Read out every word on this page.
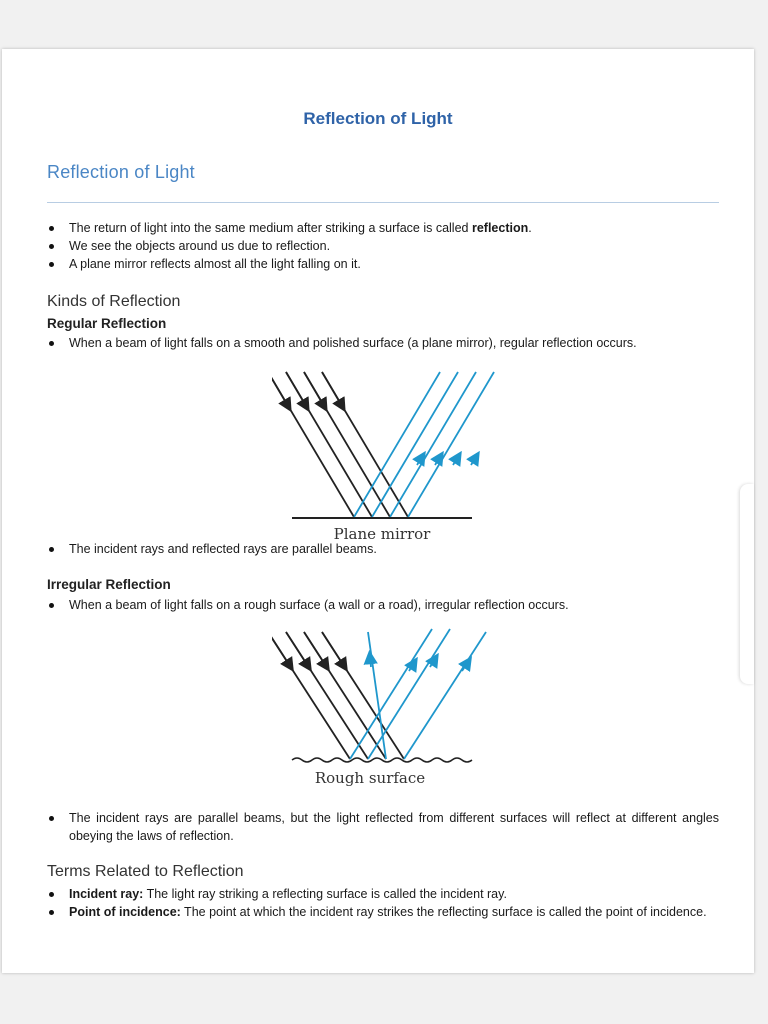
Reflection of Light
Reflection of Light
The return of light into the same medium after striking a surface is called reflection.
We see the objects around us due to reflection.
A plane mirror reflects almost all the light falling on it.
Kinds of Reflection
Regular Reflection
When a beam of light falls on a smooth and polished surface (a plane mirror), regular reflection occurs.
Plane mirror
The incident rays and reflected rays are parallel beams.
Irregular Reflection
When a beam of light falls on a rough surface (a wall or a road), irregular reflection occurs.
Rough surface
The incident rays are parallel beams, but the light reflected from different surfaces will reflect at different angles obeying the laws of reflection.
Terms Related to Reflection
Incident ray: The light ray striking a reflecting surface is called the incident ray.
Point of incidence: The point at which the incident ray strikes the reflecting surface is called the point of incidence.
